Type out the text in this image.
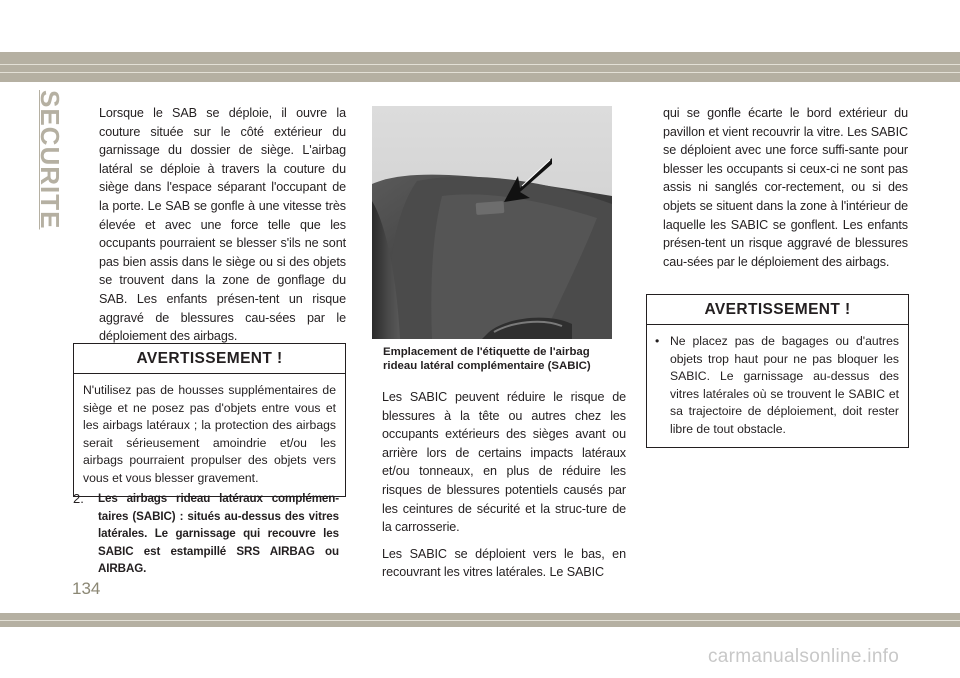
SECURITE	Lorsque le SAB se déploie, il ouvre la couture située sur le côté extérieur du garnissage du dossier de siège. L'airbag latéral se déploie à travers la couture du siège dans l'espace séparant l'occupant de la porte. Le SAB se gonfle à une vitesse très élevée et avec une force telle que les occupants pourraient se blesser s'ils ne sont pas bien assis dans le siège ou si des objets se trouvent dans la zone de gonflage du SAB. Les enfants présen-tent un risque aggravé de blessures cau-sées par le déploiement des airbags.

AVERTISSEMENT !
N'utilisez pas de housses supplémentaires de siège et ne posez pas d'objets entre vous et les airbags latéraux ; la protection des airbags serait sérieusement amoindrie et/ou les airbags pourraient propulser des objets vers vous et vous blesser gravement.
2.	Les airbags rideau latéraux complémen-taires (SABIC) : situés au-dessus des vitres latérales. Le garnissage qui recouvre les SABIC est estampillé SRS AIRBAG ou AIRBAG.
Emplacement de l'étiquette de l'airbag
rideau latéral complémentaire (SABIC)

Les SABIC peuvent réduire le risque de blessures à la tête ou autres chez les occupants extérieurs des sièges avant ou arrière lors de certains impacts latéraux et/ou tonneaux, en plus de réduire les risques de blessures potentiels causés par les ceintures de sécurité et la struc-ture de la carrosserie.

Les SABIC se déploient vers le bas, en recouvrant les vitres latérales. Le SABIC

qui se gonfle écarte le bord extérieur du pavillon et vient recouvrir la vitre. Les SABIC se déploient avec une force suffi-sante pour blesser les occupants si ceux-ci ne sont pas assis ni sanglés cor-rectement, ou si des objets se situent dans la zone à l'intérieur de laquelle les SABIC se gonflent. Les enfants présen-tent un risque aggravé de blessures cau-sées par le déploiement des airbags.

AVERTISSEMENT !
• Ne placez pas de bagages ou d'autres objets trop haut pour ne pas bloquer les SABIC. Le garnissage au-dessus des vitres latérales où se trouvent le SABIC et sa trajectoire de déploiement, doit rester libre de tout obstacle.
134
carmanualsonline.info
